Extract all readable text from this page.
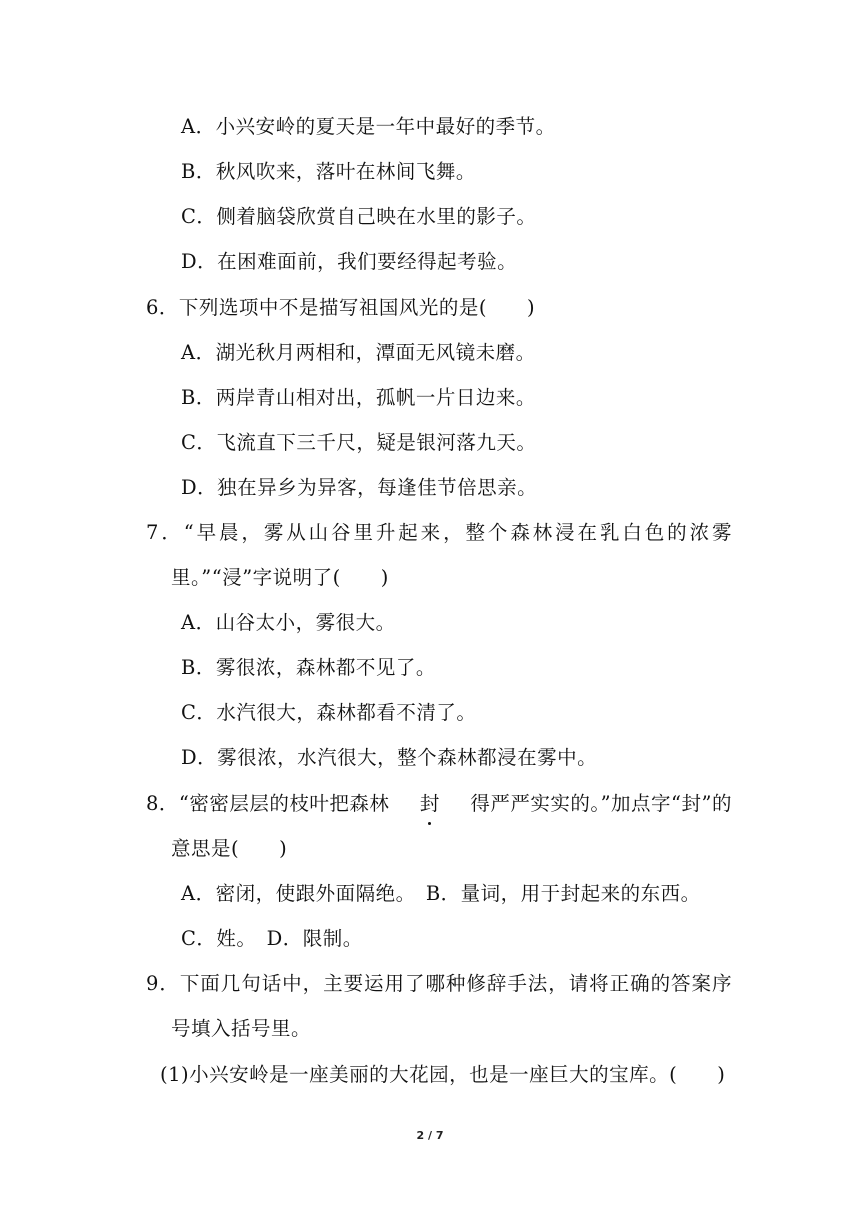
A．小兴安岭的夏天是一年中最好的季节。
B．秋风吹来，落叶在林间飞舞。
C．侧着脑袋欣赏自己映在水里的影子。
D．在困难面前，我们要经得起考验。
6．下列选项中不是描写祖国风光的是(　　)
A．湖光秋月两相和，潭面无风镜未磨。
B．两岸青山相对出，孤帆一片日边来。
C．飞流直下三千尺，疑是银河落九天。
D．独在异乡为异客，每逢佳节倍思亲。
7．“早晨，雾从山谷里升起来，整个森林浸在乳白色的浓雾
里。”“浸”字说明了(　　)
A．山谷太小，雾很大。
B．雾很浓，森林都不见了。
C．水汽很大，森林都看不清了。
D．雾很浓，水汽很大，整个森林都浸在雾中。
8．“密密层层的枝叶把森林 封 得严严实实的。”加点字“封”的
意思是(　　)
A．密闭，使跟外面隔绝。　B．量词，用于封起来的东西。
C．姓。　D．限制。
9．下面几句话中，主要运用了哪种修辞手法，请将正确的答案序
号填入括号里。
(1)小兴安岭是一座美丽的大花园，也是一座巨大的宝库。(　　)
2 / 7
